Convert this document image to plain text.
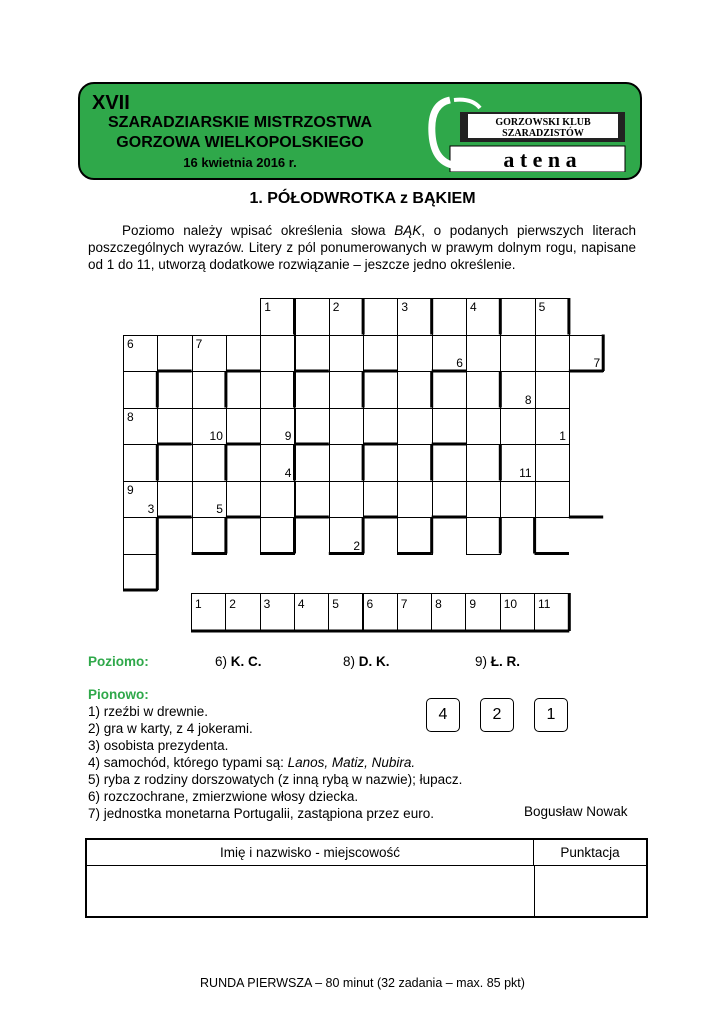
XVII
SZARADZIARSKIE MISTRZOSTWA
GORZOWA WIELKOPOLSKIEGO
16 kwietnia 2016 r.
GORZOWSKI KLUB
SZARADZISTÓW
a t e n a
1. PÓŁODWROTKA z BĄKIEM

Poziomo należy wpisać określenia słowa BĄK, o podanych pierwszych literach poszczególnych wyrazów. Litery z pól ponumerowanych w prawym dolnym rogu, napisane od 1 do 11, utworzą dodatkowe rozwiązanie – jeszcze jedno określenie.

1	2	3	4	5
6	7
6	7
8
8
10	9	1
4	11
9
3	5
2
1 2 3 4 5 6 7 8 9 10 11
Poziomo:	6) K. C.	8) D. K.	9) Ł. R.
Pionowo:
1) rzeźbi w drewnie.
2) gra w karty, z 4 jokerami.
3) osobista prezydenta.
4) samochód, którego typami są: Lanos, Matiz, Nubira.
5) ryba z rodziny dorszowatych (z inną rybą w nazwie); łupacz.
6) rozczochrane, zmierzwione włosy dziecka.
7) jednostka monetarna Portugalii, zastąpiona przez euro.
4	2	1
Bogusław Nowak
Imię i nazwisko - miejscowość	Punktacja
RUNDA PIERWSZA – 80 minut (32 zadania – max. 85 pkt)
